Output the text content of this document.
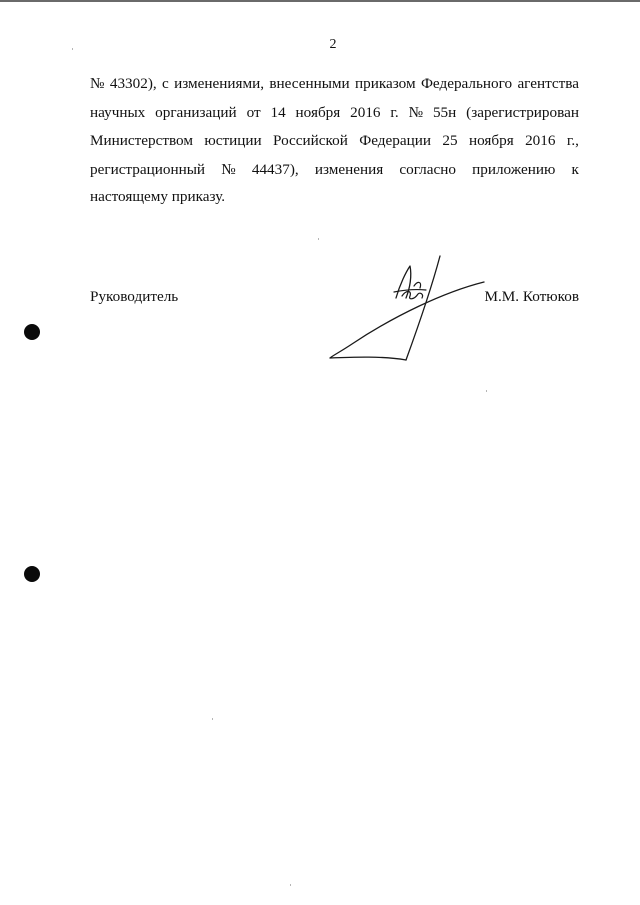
2
№ 43302), с изменениями, внесенными приказом Федерального агентства
научных организаций от 14 ноября 2016 г. № 55н (зарегистрирован
Министерством юстиции Российской Федерации 25 ноября 2016 г.,
регистрационный № 44437), изменения согласно приложению к
настоящему приказу.
Руководитель	М.М. Котюков
